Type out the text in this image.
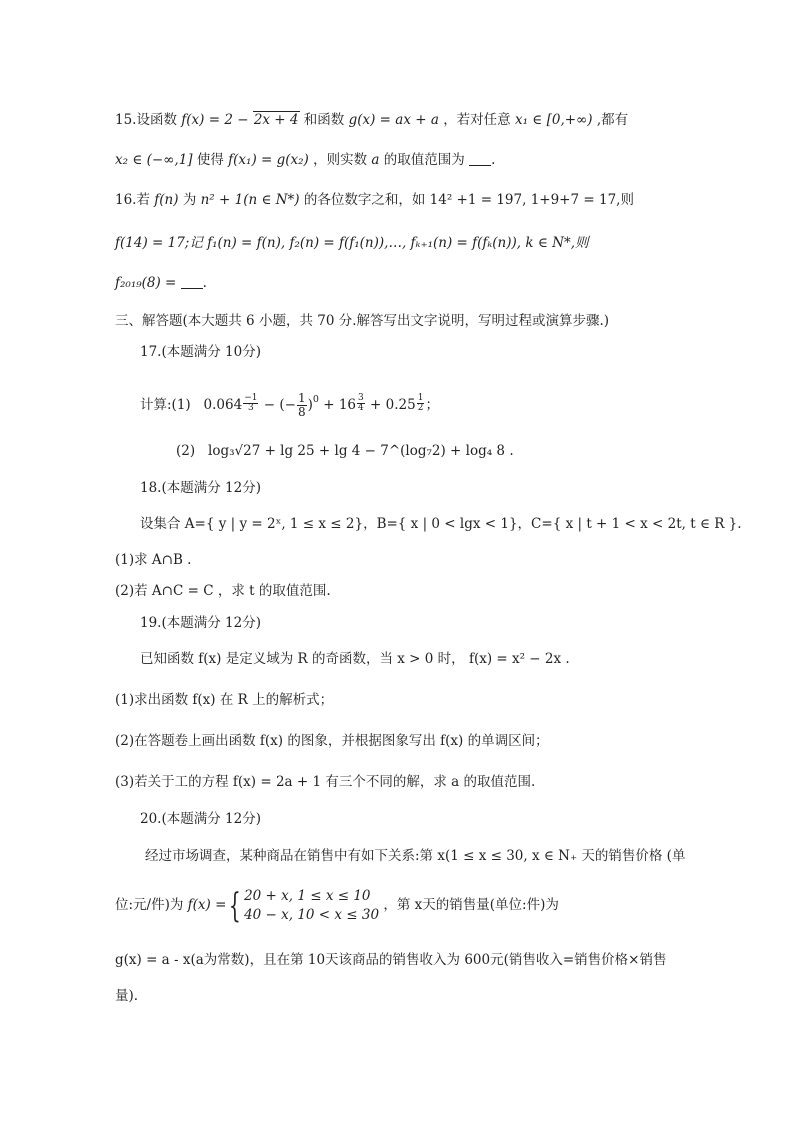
15.设函数 f(x) = 2 − 2x + 4 和函数 g(x) = ax + a ，若对任意 x₁ ∈ [0,+∞) ,都有
x₂ ∈ (−∞,1] 使得 f(x₁) = g(x₂) ，则实数 a 的取值范围为 .
16.若 f(n) 为 n² + 1(n ∈ N*) 的各位数字之和，如 14² +1 = 197, 1+9+7 = 17,则
f(14) = 17;记 f₁(n) = f(n), f₂(n) = f(f₁(n)),…, fₖ₊₁(n) = f(fₖ(n)), k ∈ N*,则
f₂₀₁₉(8) = .
三、解答题(本大题共 6 小题，共 70 分.解答写出文字说明，写明过程或演算步骤.)
17.(本题满分 10分)
计算:(1) $0.064 \frac{-1}{3}$ − (− $\frac{1}{8} )^0 + 16 \frac{3}{4} + 0.25 \frac{1}{2}$ ；
(2) log₃√27 + lg 25 + lg 4 − 7^(log₇2) + log₄ 8 .
18.(本题满分 12分)
设集合 A={ y | y = 2ˣ, 1 ≤ x ≤ 2}，B={ x | 0 < lgx < 1}，C={ x | t + 1 < x < 2t, t ∈ R }.
(1)求 A∩B .
(2)若 A∩C = C ，求 t 的取值范围.
19.(本题满分 12分)
已知函数 f(x) 是定义域为 R 的奇函数，当 x > 0 时， f(x) = x² − 2x .
(1)求出函数 f(x) 在 R 上的解析式；
(2)在答题卷上画出函数 f(x) 的图象，并根据图象写出 f(x) 的单调区间；
(3)若关于工的方程 f(x) = 2a + 1 有三个不同的解，求 a 的取值范围.
20.(本题满分 12分)
经过市场调查，某种商品在销售中有如下关系:第 x(1 ≤ x ≤ 30, x ∈ N₊ 天的销售价格 (单
位:元/件)为 f(x) ={ 20 + x, 1 ≤ x ≤ 10
40 − x, 10 < x ≤ 30
，第 x天的销售量(单位:件)为
g(x) = a - x(a为常数)，且在第 10天该商品的销售收入为 600元(销售收入=销售价格×销售
量).
